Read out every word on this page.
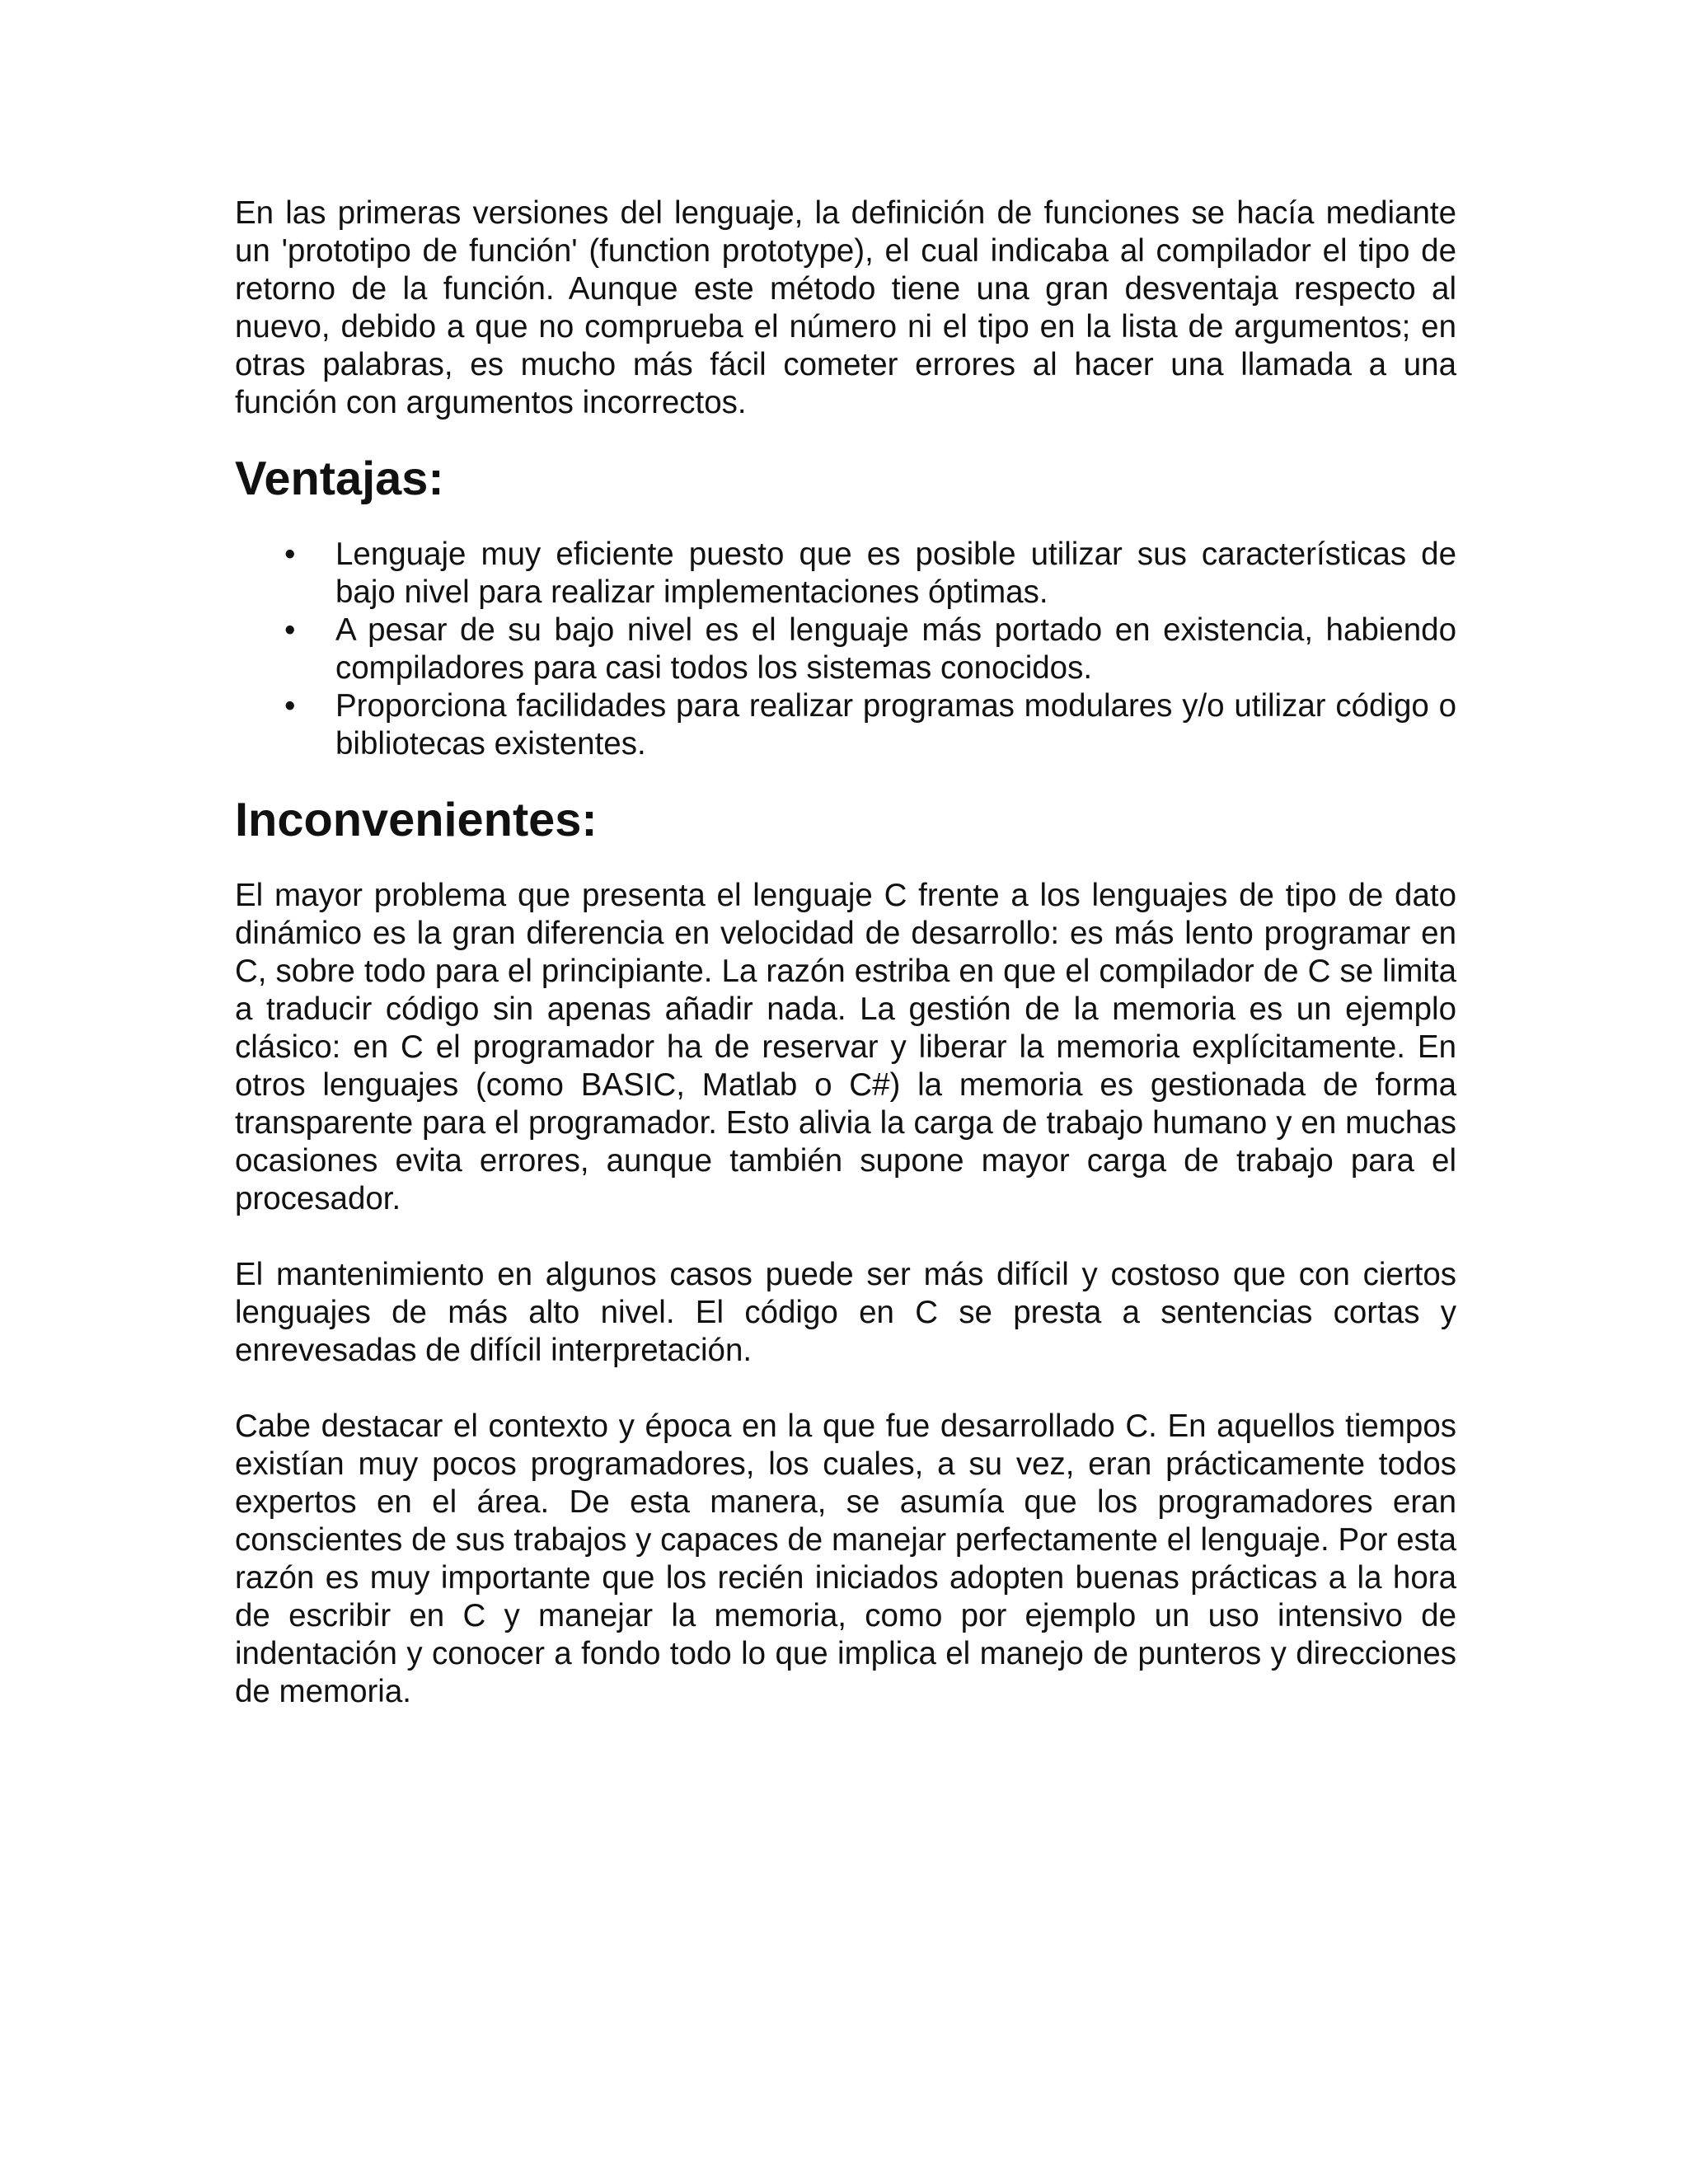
En las primeras versiones del lenguaje, la definición de funciones se hacía mediante un 'prototipo de función' (function prototype), el cual indicaba al compilador el tipo de retorno de la función. Aunque este método tiene una gran desventaja respecto al nuevo, debido a que no comprueba el número ni el tipo en la lista de argumentos; en otras palabras, es mucho más fácil cometer errores al hacer una llamada a una función con argumentos incorrectos.

Ventajas:
• Lenguaje muy eficiente puesto que es posible utilizar sus características de bajo nivel para realizar implementaciones óptimas.
• A pesar de su bajo nivel es el lenguaje más portado en existencia, habiendo compiladores para casi todos los sistemas conocidos.
• Proporciona facilidades para realizar programas modulares y/o utilizar código o bibliotecas existentes.
Inconvenientes:

El mayor problema que presenta el lenguaje C frente a los lenguajes de tipo de dato dinámico es la gran diferencia en velocidad de desarrollo: es más lento programar en C, sobre todo para el principiante. La razón estriba en que el compilador de C se limita a traducir código sin apenas añadir nada. La gestión de la memoria es un ejemplo clásico: en C el programador ha de reservar y liberar la memoria explícitamente. En otros lenguajes (como BASIC, Matlab o C#) la memoria es gestionada de forma transparente para el programador. Esto alivia la carga de trabajo humano y en muchas ocasiones evita errores, aunque también supone mayor carga de trabajo para el procesador.

El mantenimiento en algunos casos puede ser más difícil y costoso que con ciertos lenguajes de más alto nivel. El código en C se presta a sentencias cortas y enrevesadas de difícil interpretación.

Cabe destacar el contexto y época en la que fue desarrollado C. En aquellos tiempos existían muy pocos programadores, los cuales, a su vez, eran prácticamente todos expertos en el área. De esta manera, se asumía que los programadores eran conscientes de sus trabajos y capaces de manejar perfectamente el lenguaje. Por esta razón es muy importante que los recién iniciados adopten buenas prácticas a la hora de escribir en C y manejar la memoria, como por ejemplo un uso intensivo de indentación y conocer a fondo todo lo que implica el manejo de punteros y direcciones de memoria.
